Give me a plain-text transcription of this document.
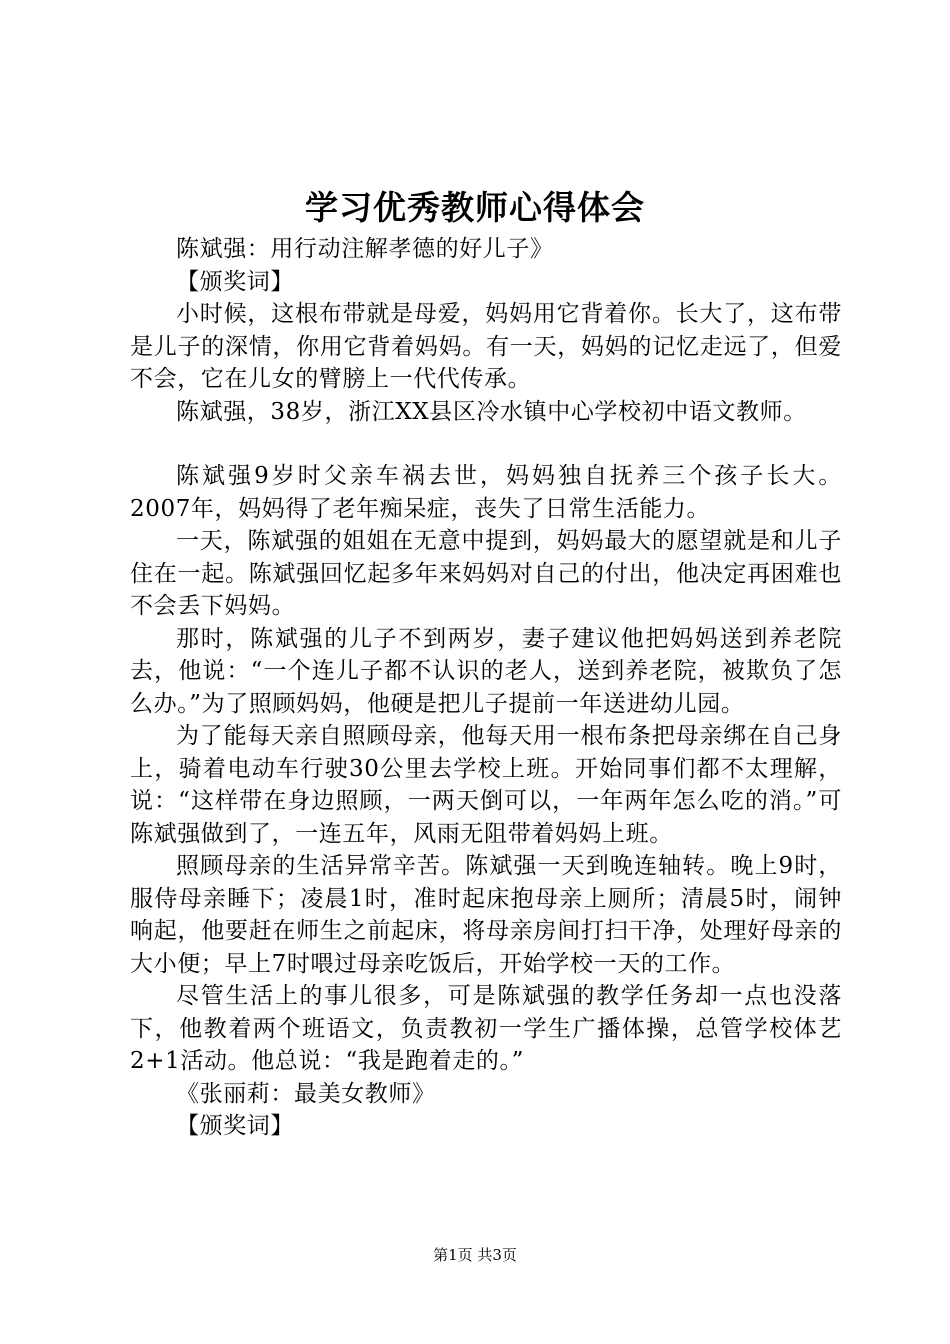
学习优秀教师心得体会

陈斌强：用行动注解孝德的好儿子》

【颁奖词】

小时候，这根布带就是母爱，妈妈用它背着你。长大了，这布带是儿子的深情，你用它背着妈妈。有一天，妈妈的记忆走远了，但爱不会，它在儿女的臂膀上一代代传承。

陈斌强，38岁，浙江XX县区冷水镇中心学校初中语文教师。

陈斌强9岁时父亲车祸去世，妈妈独自抚养三个孩子长大。2007年，妈妈得了老年痴呆症，丧失了日常生活能力。

一天，陈斌强的姐姐在无意中提到，妈妈最大的愿望就是和儿子住在一起。陈斌强回忆起多年来妈妈对自己的付出，他决定再困难也不会丢下妈妈。

那时，陈斌强的儿子不到两岁，妻子建议他把妈妈送到养老院去，他说：“一个连儿子都不认识的老人，送到养老院，被欺负了怎么办。”为了照顾妈妈，他硬是把儿子提前一年送进幼儿园。

为了能每天亲自照顾母亲，他每天用一根布条把母亲绑在自己身上，骑着电动车行驶30公里去学校上班。开始同事们都不太理解，说：“这样带在身边照顾，一两天倒可以，一年两年怎么吃的消。”可陈斌强做到了，一连五年，风雨无阻带着妈妈上班。

照顾母亲的生活异常辛苦。陈斌强一天到晚连轴转。晚上9时，服侍母亲睡下；凌晨1时，准时起床抱母亲上厕所；清晨5时，闹钟响起，他要赶在师生之前起床，将母亲房间打扫干净，处理好母亲的大小便；早上7时喂过母亲吃饭后，开始学校一天的工作。

尽管生活上的事儿很多，可是陈斌强的教学任务却一点也没落下，他教着两个班语文，负责教初一学生广播体操，总管学校体艺2+1活动。他总说：“我是跑着走的。”

《张丽莉：最美女教师》

【颁奖词】

第1页 共3页
